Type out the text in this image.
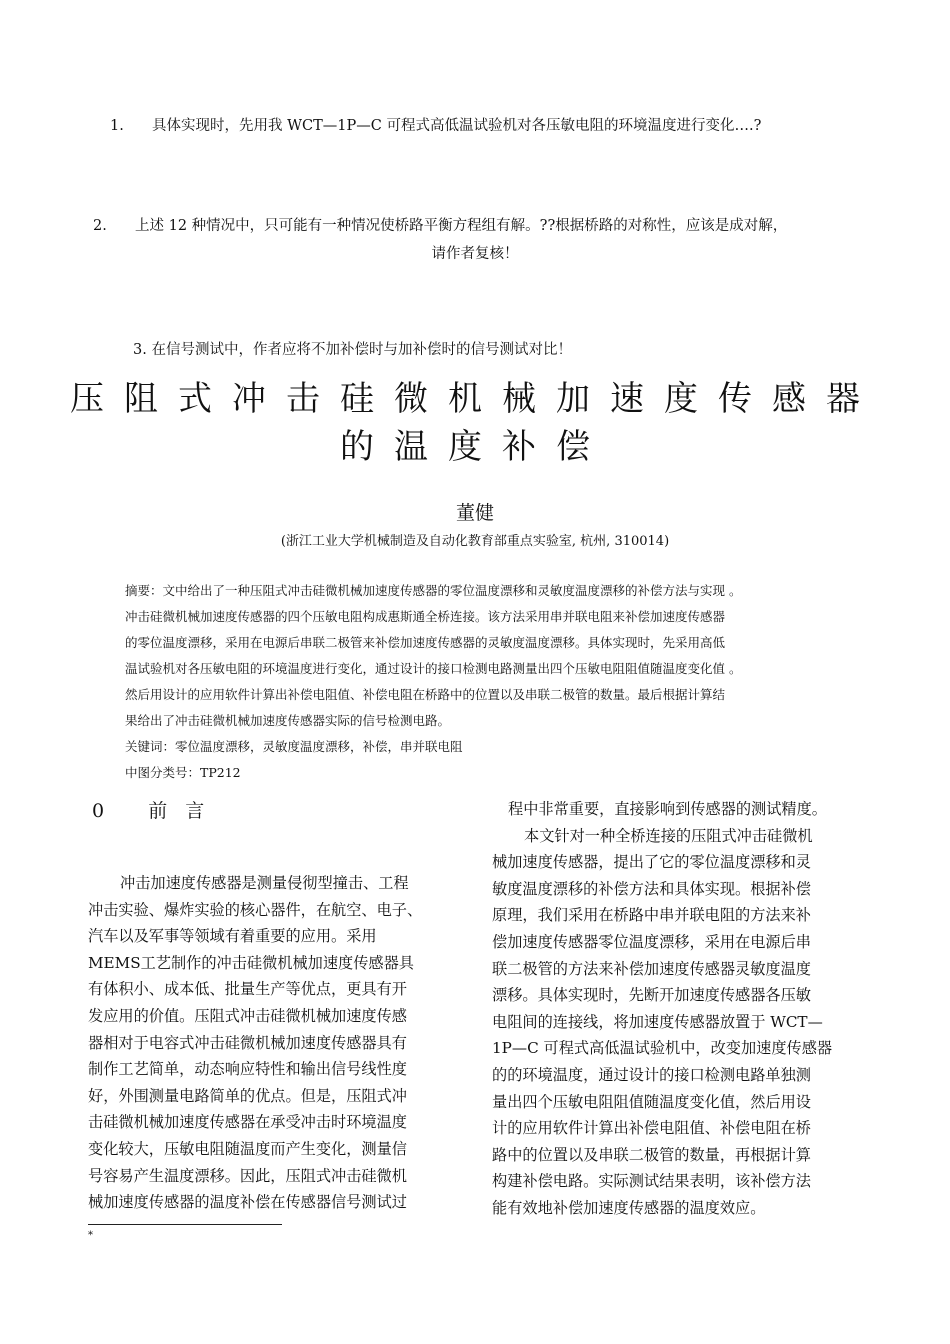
1. 具体实现时，先用我 WCT—1P—C 可程式高低温试验机对各压敏电阻的环境温度进行变化….?
2. 上述 12 种情况中，只可能有一种情况使桥路平衡方程组有解。??根据桥路的对称性，应该是成对解，
请作者复核！
3. 在信号测试中，作者应将不加补偿时与加补偿时的信号测试对比！
压阻式冲击硅微机械加速度传感器
的温度补偿
董健
(浙江工业大学机械制造及自动化教育部重点实验室, 杭州, 310014)
摘要：文中给出了一种压阻式冲击硅微机械加速度传感器的零位温度漂移和灵敏度温度漂移的补偿方法与实现 。
冲击硅微机械加速度传感器的四个压敏电阻构成惠斯通全桥连接。该方法采用串并联电阻来补偿加速度传感器
的零位温度漂移，采用在电源后串联二极管来补偿加速度传感器的灵敏度温度漂移。具体实现时，先采用高低
温试验机对各压敏电阻的环境温度进行变化，通过设计的接口检测电路测量出四个压敏电阻阻值随温度变化值 。
然后用设计的应用软件计算出补偿电阻值、补偿电阻在桥路中的位置以及串联二极管的数量。最后根据计算结
果给出了冲击硅微机械加速度传感器实际的信号检测电路。
关键词：零位温度漂移，灵敏度温度漂移，补偿，串并联电阻
中图分类号：TP212
0 前 言

冲击加速度传感器是测量侵彻型撞击、工程

冲击实验、爆炸实验的核心器件，在航空、电子、

汽车以及军事等领域有着重要的应用。采用

MEMS工艺制作的冲击硅微机械加速度传感器具

有体积小、成本低、批量生产等优点，更具有开

发应用的价值。压阻式冲击硅微机械加速度传感

器相对于电容式冲击硅微机械加速度传感器具有

制作工艺简单，动态响应特性和输出信号线性度

好，外围测量电路简单的优点。但是，压阻式冲

击硅微机械加速度传感器在承受冲击时环境温度

变化较大，压敏电阻随温度而产生变化，测量信

号容易产生温度漂移。因此，压阻式冲击硅微机

械加速度传感器的温度补偿在传感器信号测试过

程中非常重要，直接影响到传感器的测试精度。

本文针对一种全桥连接的压阻式冲击硅微机

械加速度传感器，提出了它的零位温度漂移和灵

敏度温度漂移的补偿方法和具体实现。根据补偿

原理，我们采用在桥路中串并联电阻的方法来补

偿加速度传感器零位温度漂移，采用在电源后串

联二极管的方法来补偿加速度传感器灵敏度温度

漂移。具体实现时，先断开加速度传感器各压敏

电阻间的连接线，将加速度传感器放置于 WCT—

1P—C 可程式高低温试验机中，改变加速度传感器

的的环境温度，通过设计的接口检测电路单独测

量出四个压敏电阻阻值随温度变化值，然后用设

计的应用软件计算出补偿电阻值、补偿电阻在桥

路中的位置以及串联二极管的数量，再根据计算

构建补偿电路。实际测试结果表明，该补偿方法

能有效地补偿加速度传感器的温度效应。

*
